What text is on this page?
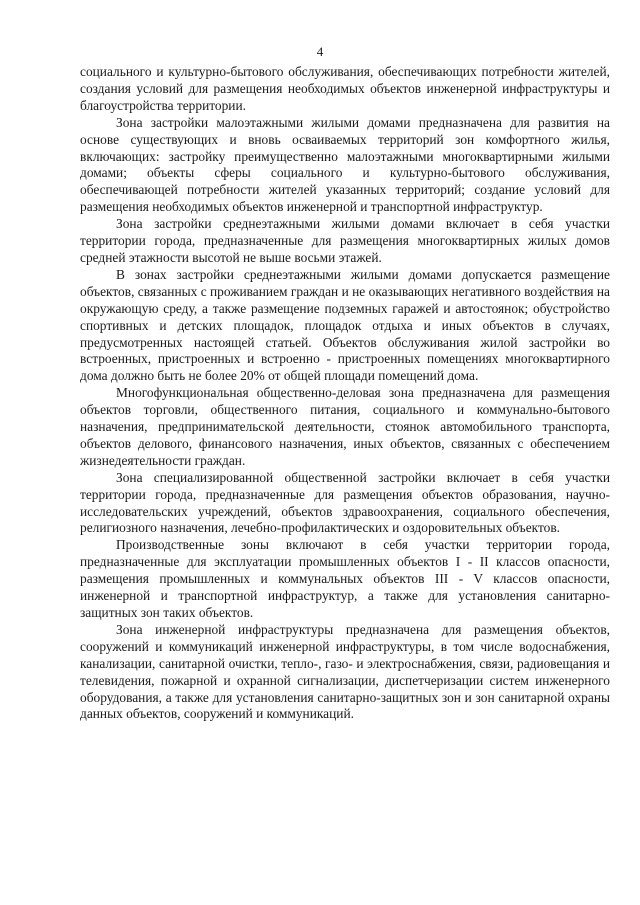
4

социального и культурно-бытового обслуживания, обеспечивающих потребности жителей, создания условий для размещения необходимых объектов инженерной инфраструктуры и благоустройства территории.

Зона застройки малоэтажными жилыми домами предназначена для развития на основе существующих и вновь осваиваемых территорий зон комфортного жилья, включающих: застройку преимущественно малоэтажными многоквартирными жилыми домами; объекты сферы социального и культурно-бытового обслуживания, обеспечивающей потребности жителей указанных территорий; создание условий для размещения необходимых объектов инженерной и транспортной инфраструктур.

Зона застройки среднеэтажными жилыми домами включает в себя участки территории города, предназначенные для размещения многоквартирных жилых домов средней этажности высотой не выше восьми этажей.

В зонах застройки среднеэтажными жилыми домами допускается размещение объектов, связанных с проживанием граждан и не оказывающих негативного воздействия на окружающую среду, а также размещение подземных гаражей и автостоянок; обустройство спортивных и детских площадок, площадок отдыха и иных объектов в случаях, предусмотренных настоящей статьей. Объектов обслуживания жилой застройки во встроенных, пристроенных и встроенно - пристроенных помещениях многоквартирного дома должно быть не более 20% от общей площади помещений дома.

Многофункциональная общественно-деловая зона предназначена для размещения объектов торговли, общественного питания, социального и коммунально-бытового назначения, предпринимательской деятельности, стоянок автомобильного транспорта, объектов делового, финансового назначения, иных объектов, связанных с обеспечением жизнедеятельности граждан.

Зона специализированной общественной застройки включает в себя участки территории города, предназначенные для размещения объектов образования, научно-исследовательских учреждений, объектов здравоохранения, социального обеспечения, религиозного назначения, лечебно-профилактических и оздоровительных объектов.

Производственные зоны включают в себя участки территории города, предназначенные для эксплуатации промышленных объектов I - II классов опасности, размещения промышленных и коммунальных объектов III - V классов опасности, инженерной и транспортной инфраструктур, а также для установления санитарно-защитных зон таких объектов.

Зона инженерной инфраструктуры предназначена для размещения объектов, сооружений и коммуникаций инженерной инфраструктуры, в том числе водоснабжения, канализации, санитарной очистки, тепло-, газо- и электроснабжения, связи, радиовещания и телевидения, пожарной и охранной сигнализации, диспетчеризации систем инженерного оборудования, а также для установления санитарно-защитных зон и зон санитарной охраны данных объектов, сооружений и коммуникаций.
